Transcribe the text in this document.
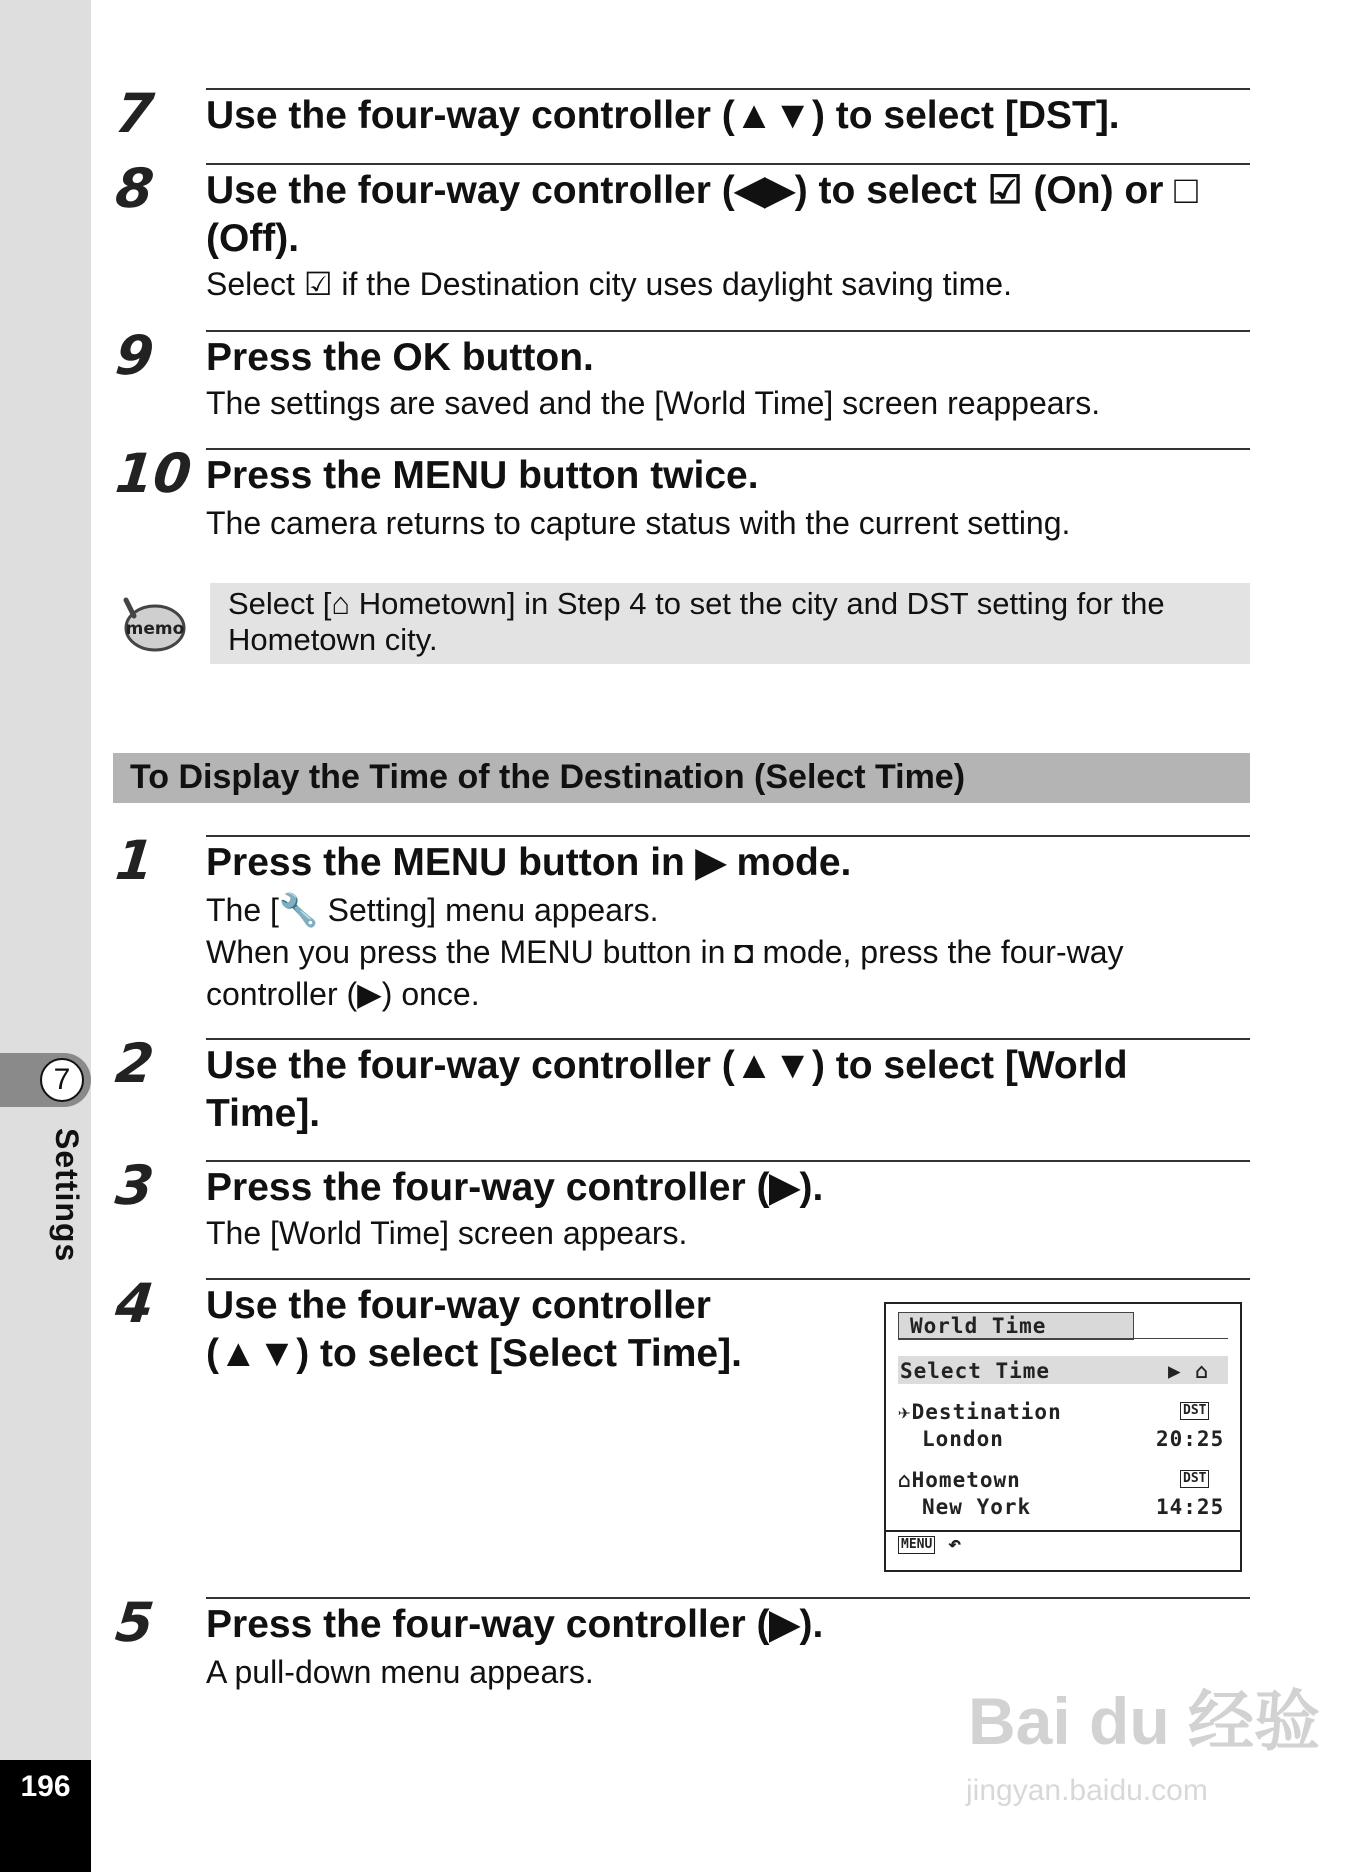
7
Settings
196
7 Use the four-way controller (▲▼) to select [DST].
8 Use the four-way controller (◀▶) to select ☑ (On) or □ (Off).
Select ☑ if the Destination city uses daylight saving time.
9 Press the OK button.
The settings are saved and the [World Time] screen reappears.
10 Press the MENU button twice.
The camera returns to capture status with the current setting.
memo
Select [⌂ Hometown] in Step 4 to set the city and DST setting for the Hometown city.
To Display the Time of the Destination (Select Time)
1 Press the MENU button in ▶ mode.
The [🔧 Setting] menu appears.
When you press the MENU button in ◘ mode, press the four-way controller (▶) once.
2 Use the four-way controller (▲▼) to select [World Time].
3 Press the four-way controller (▶).
The [World Time] screen appears.
4 Use the four-way controller (▲▼) to select [Select Time].
5 Press the four-way controller (▶).
A pull-down menu appears.
World Time
Select Time	▶ ⌂
✈Destination	DST
London	20:25
⌂Hometown	DST
New York	14:25
MENU ↶
Bai du 经验
jingyan.baidu.com
